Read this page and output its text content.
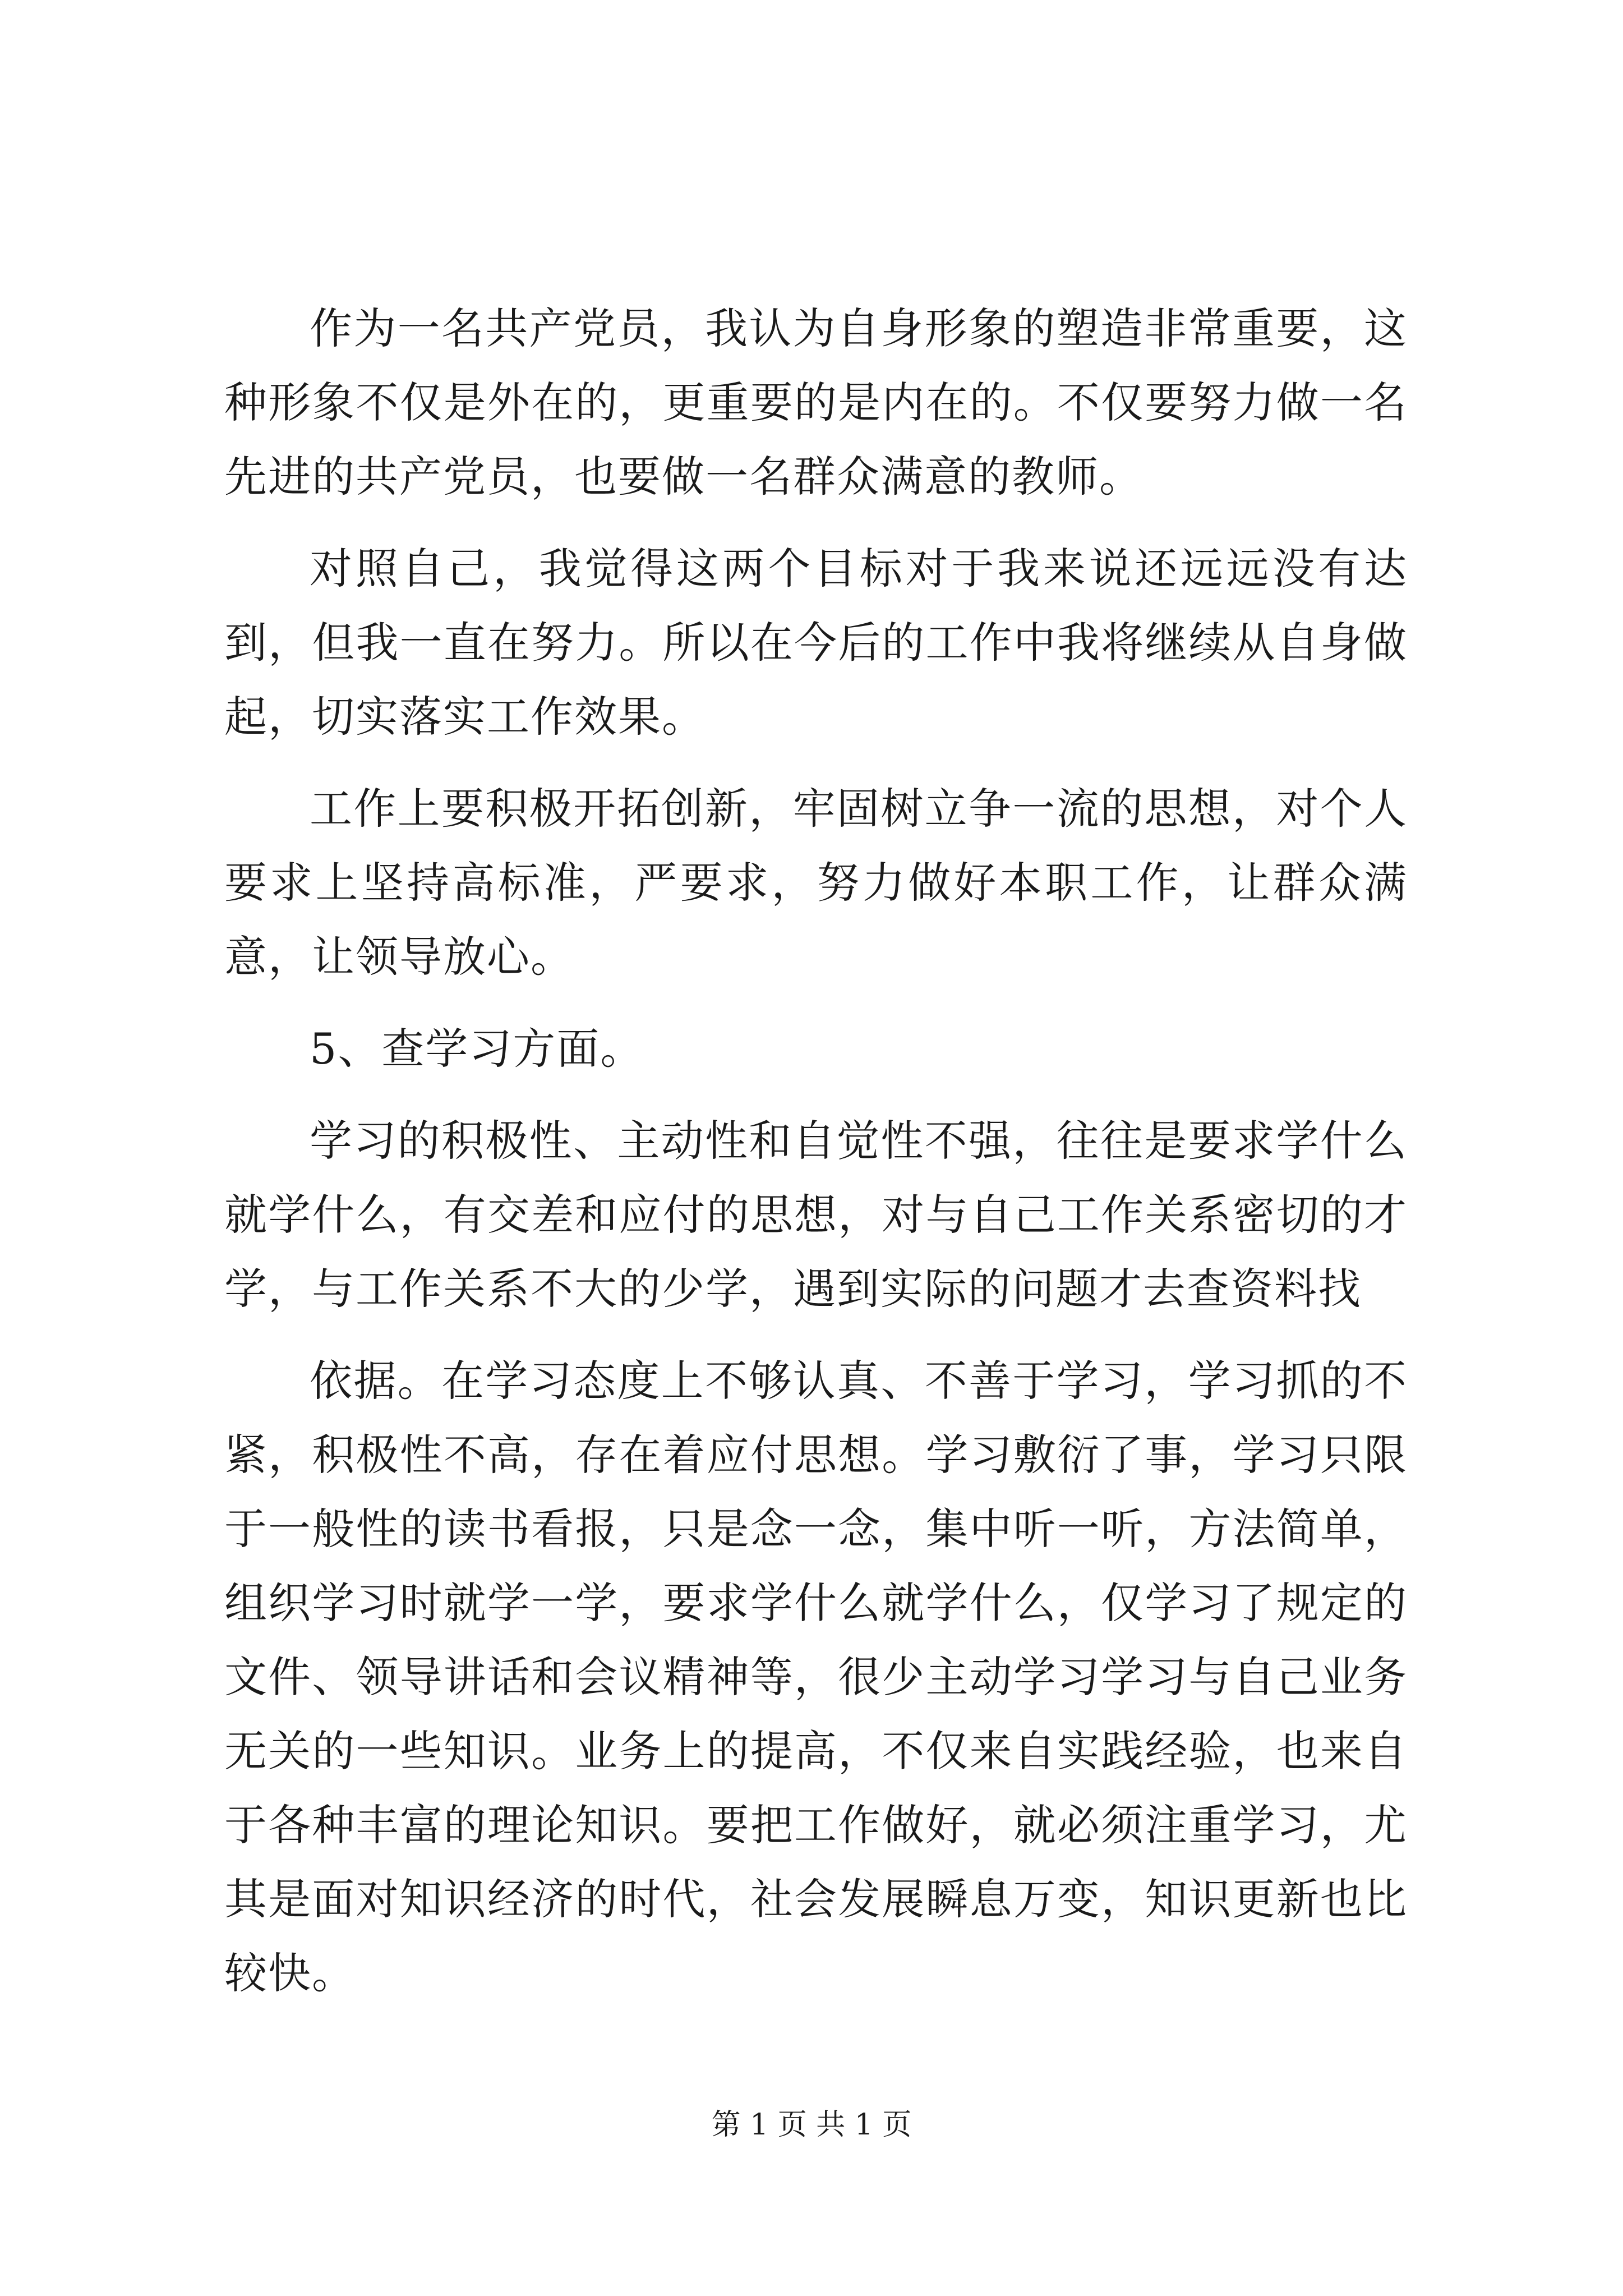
作为一名共产党员，我认为自身形象的塑造非常重要，这种形象不仅是外在的，更重要的是内在的。不仅要努力做一名先进的共产党员，也要做一名群众满意的教师。

对照自己，我觉得这两个目标对于我来说还远远没有达到，但我一直在努力。所以在今后的工作中我将继续从自身做起，切实落实工作效果。

工作上要积极开拓创新，牢固树立争一流的思想，对个人要求上坚持高标准，严要求，努力做好本职工作，让群众满意，让领导放心。

5、查学习方面。

学习的积极性、主动性和自觉性不强，往往是要求学什么就学什么，有交差和应付的思想，对与自己工作关系密切的才学，与工作关系不大的少学，遇到实际的问题才去查资料找

依据。在学习态度上不够认真、不善于学习，学习抓的不紧，积极性不高，存在着应付思想。学习敷衍了事，学习只限于一般性的读书看报，只是念一念，集中听一听，方法简单，组织学习时就学一学，要求学什么就学什么，仅学习了规定的文件、领导讲话和会议精神等，很少主动学习学习与自己业务无关的一些知识。业务上的提高，不仅来自实践经验，也来自于各种丰富的理论知识。要把工作做好，就必须注重学习，尤其是面对知识经济的时代，社会发展瞬息万变，知识更新也比较快。

第 1 页 共 1 页
